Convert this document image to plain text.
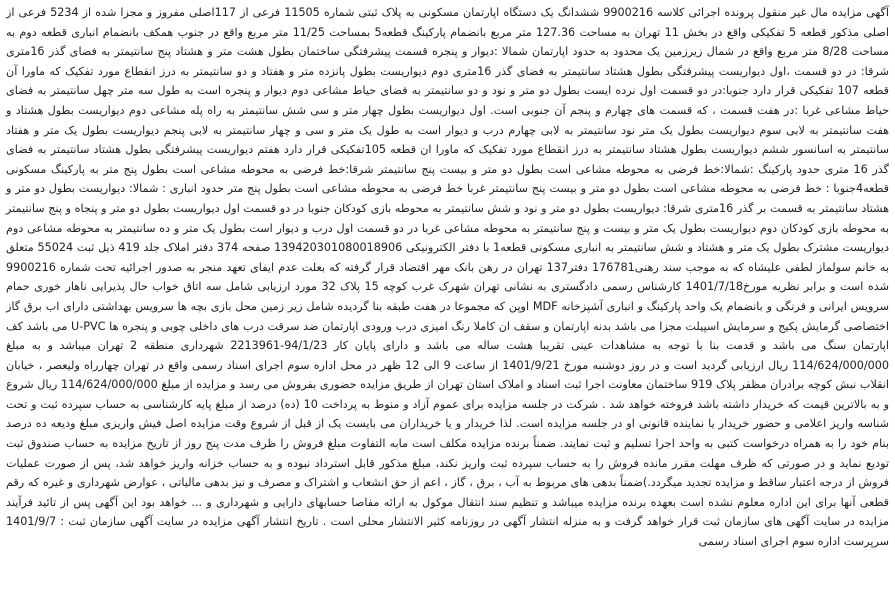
آگهی مزایده مال غیر منقول پرونده اجرائی کلاسه 9900216 ششدانگ یک دستگاه اپارتمان مسکونی به پلاک ثبتی شماره 11505 فرعی از 117اصلی مفروز و مجزا شده از 5234 فرعی از اصلی مذکور قطعه 5 تفکیکی واقع در بخش 11 تهران به مساحت 127.36 متر مربع بانضمام پارکینگ قطعه5 بمساحت 11/25 متر مربع واقع در جنوب همکف بانضمام انباری قطعه دوم به مساحت 8/28 متر مربع واقع در شمال زیرزمین یک محدود به حدود اپارتمان شمالا :دیوار و پنجره قسمت پیشرفتگی ساختمان بطول هشت متر و هشتاد پنج سانتیمتر به فضای گذر 16متری شرقا: در دو قسمت ،اول دیواریست پیشرفتگی بطول هشتاد سانتیمتر به فضای گذر 16متری دوم دیواریست بطول پانزده متر و هفتاد و دو سانتیمتر به درز انقطاع مورد تفکیک که ماورا آن قطعه 107 تفکیکی قرار دارد جنوبا:در دو قسمت اول نرده ایست بطول دو متر و نود و دو سانتیمتر به فضای حیاط مشاعی دوم دیوار و پنجره است به طول سه متر چهل سانتیمتر به فضای حیاط مشاعی غربا :در هفت قسمت ، که قسمت های چهارم و پنجم آن جنوبی است. اول دیواریست بطول چهار متر و سی شش سانتیمتر به راه پله مشاعی دوم دیواریست بطول هشتاد و هفت سانتیمتر به لابی سوم دیواریست بطول یک متر نود سانتیمتر به لابی چهارم درب و دیوار است به طول یک متر و سی و چهار سانتیمتر به لابی پنجم دیواریست بطول یک متر و هفتاد سانتیمتر به اسانسور ششم دیواریست بطول هشتاد سانتیمتر به درز انقطاع مورد تفکیک که ماورا ان قطعه 105تفکیکی قرار دارد هفتم دیواریست پیشرفتگی بطول هشتاد سانتیمتر به فضای گذر 16 متری حدود پارکینگ :شمالا:خط فرضی به محوطه مشاعی است بطول دو متر و بیست پنج سانتیمتر شرقا:خط فرضی به محوطه مشاعی است بطول پنج متر به پارکینگ مسکونی قطعه4جنوبا : خط فرضی به محوطه مشاعی است بطول دو متر و بیست پنج سانتیمتر غربا خط فرضی به محوطه مشاعی است بطول پنج متر حدود انباری : شمالا: دیواریست بطول دو متر و هشتاد سانتیمتر به قسمت بر گذر 16متری شرقا: دیواریست بطول دو متر و نود و شش سانتیمتر به محوطه بازی کودکان جنوبا در دو قسمت اول دیواریست بطول دو متر و پنجاه و پنج سانتیمتر به محوطه بازی کودکان دوم دیواریست بطول یک متر و بیست و پنج سانتیمتر به محوطه مشاعی غربا در دو قسمت اول درب و دیوار است بطول یک متر و ده سانتیمتر به محوطه مشاعی دوم دیواریست مشترک بطول یک متر و هشتاد و شش سانتیمتر به انباری مسکونی قطعه1 با دفتر الکترونیکی 139420301080018906 صفحه 374 دفتر املاک جلد 419 ذیل ثبت 55024 متعلق به خانم سولماز لطفی علیشاه که به موجب سند رهنی176781 دفتر137 تهران در رهن بانک مهر اقتصاد قرار گرفته که بعلت عدم ایفای تعهد منجر به صدور اجرائیه تحت شماره 9900216 شده است و برابر نظریه مورخ1401/7/18 کارشناس رسمی دادگستری به نشانی تهران شهرک غرب کوچه 15 پلاک 32 مورد ارزیابی شامل سه اتاق خواب حال پذیرایی ناهار خوری حمام سرویس ایرانی و فرنگی و بانضمام یک واحد پارکینگ و انباری آشپزخانه MDF اوپن که مجموعا در هفت طبقه بنا گردیده شامل زیر زمین محل بازی بچه ها سرویس بهداشتی دارای اب برق گاز اختصاصی گرمایش پکیج و سرمایش اسپیلت مجزا می باشد بدنه اپارتمان و سقف ان کاملا رنگ امیزی درب ورودی اپارتمان ضد سرقت درب های داخلی چوبی و پنجره ها U-PVC می باشد کف اپارتمان سنگ می باشد و قدمت بنا با توجه به مشاهدات عینی تقریبا هشت ساله می باشد و دارای پایان کار 94/1/23-2213961 شهرداری منطقه 2 تهران میباشد و به مبلغ 114/624/000/000 ریال ارزیابی گردید است و در روز دوشنبه مورخ 1401/9/21 از ساعت 9 الی 12 ظهر در محل اداره سوم اجرای اسناد رسمی واقع در تهران چهارراه ولیعصر ، خیابان انقلاب نبش کوچه برادران مظفر پلاک 919 ساختمان معاونت اجرا ثبت اسناد و املاک استان تهران از طریق مزایده حضوری بفروش می رسد و مزایده از مبلغ 114/624/000/000 ریال شروع و به بالاترین قیمت که خریدار داشته باشد فروخته خواهد شد . شرکت در جلسه مزایده برای عموم آزاد و منوط به پرداخت 10 (ده) درصد از مبلغ پایه کارشناسی به حساب سپرده ثبت و تحت شناسه واریز اعلامی و حضور خریدار یا نماینده قانونی او در جلسه مزایده است. لذا خریدار و یا خریداران می بایست یک از قبل از شروع وقت مزایده اصل فیش واریزی مبلغ ودیعه ده درصد بنام خود را به همراه درخواست کتبی به واحد اجرا تسلیم و ثبت نمایند. ضمناً برنده مزایده مکلف است مابه التفاوت مبلغ فروش را ظرف مدت پنج روز از تاریخ مزایده به حساب صندوق ثبت تودیع نماید و در صورتی که ظرف مهلت مقرر مانده فروش را به حساب سپرده ثبت واریز نکند، مبلغ مذکور قابل استرداد نبوده و به حساب خزانه واریز خواهد شد، پس از صورت عملیات فروش از درجه اعتبار ساقط و مزایده تجدید میگردد.)ضمناً بدهی های مربوط به آب ، برق ، گاز ، اعم از حق انشعاب و اشتراک و مصرف و نیز بدهی مالیاتی ، عوارض شهرداری و غیره که رقم قطعی آنها برای این اداره معلوم نشده است بعهده برنده مزایده میباشد و تنظیم سند انتقال موکول به ارائه مفاصا حسابهای دارایی و شهرداری و ... خواهد بود این آگهی پس از تائید فرآیند مزایده در سایت آگهی های سازمان ثبت قرار خواهد گرفت و به منزله انتشار آگهی در روزنامه کثیر الانتشار محلی است . تاریخ انتشار آگهی مزایده در سایت آگهی سازمان ثبت : 1401/9/7 سرپرست اداره سوم اجرای اسناد رسمی
